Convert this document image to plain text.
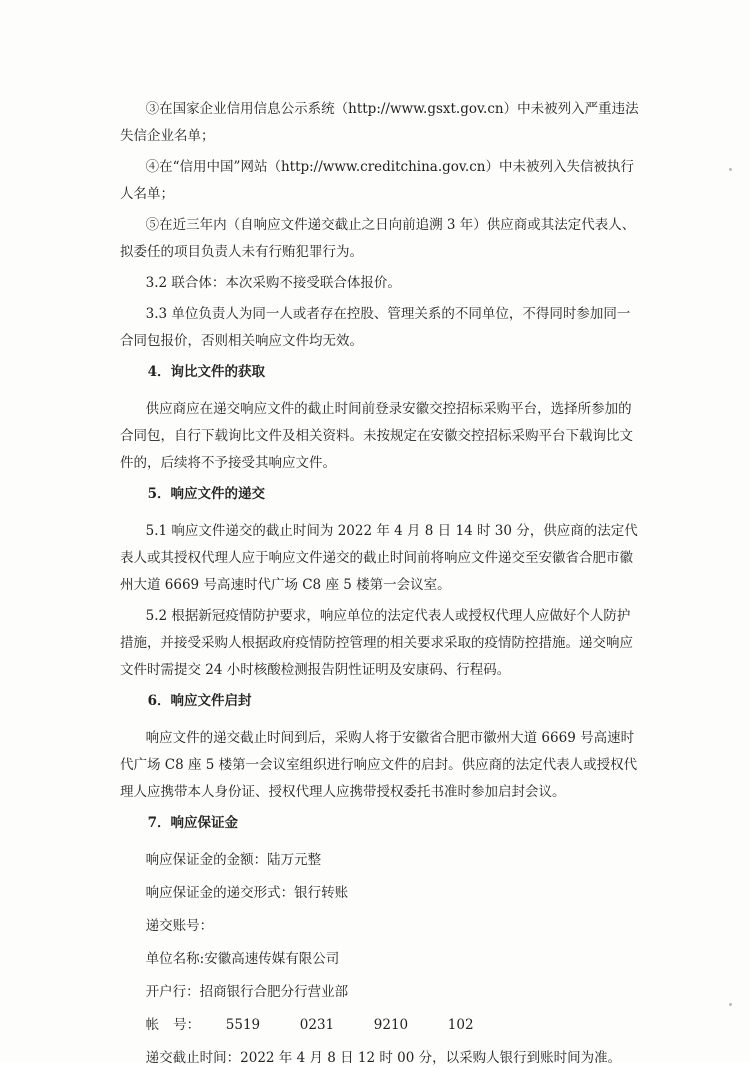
③在国家企业信用信息公示系统（http://www.gsxt.gov.cn）中未被列入严重违法失信企业名单；

④在“信用中国”网站（http://www.creditchina.gov.cn）中未被列入失信被执行人名单；

⑤在近三年内（自响应文件递交截止之日向前追溯 3 年）供应商或其法定代表人、拟委任的项目负责人未有行贿犯罪行为。

3.2 联合体：本次采购不接受联合体报价。

3.3 单位负责人为同一人或者存在控股、管理关系的不同单位，不得同时参加同一合同包报价，否则相关响应文件均无效。

4．询比文件的获取

供应商应在递交响应文件的截止时间前登录安徽交控招标采购平台，选择所参加的合同包，自行下载询比文件及相关资料。未按规定在安徽交控招标采购平台下载询比文件的，后续将不予接受其响应文件。

5．响应文件的递交

5.1 响应文件递交的截止时间为 2022 年 4 月 8 日 14 时 30 分，供应商的法定代表人或其授权代理人应于响应文件递交的截止时间前将响应文件递交至安徽省合肥市徽州大道 6669 号高速时代广场 C8 座 5 楼第一会议室。

5.2 根据新冠疫情防护要求，响应单位的法定代表人或授权代理人应做好个人防护措施，并接受采购人根据政府疫情防控管理的相关要求采取的疫情防控措施。递交响应文件时需提交 24 小时核酸检测报告阴性证明及安康码、行程码。

6．响应文件启封

响应文件的递交截止时间到后，采购人将于安徽省合肥市徽州大道 6669 号高速时代广场 C8 座 5 楼第一会议室组织进行响应文件的启封。供应商的法定代表人或授权代理人应携带本人身份证、授权代理人应携带授权委托书准时参加启封会议。

7．响应保证金

响应保证金的金额：陆万元整

响应保证金的递交形式：银行转账

递交账号：

单位名称:安徽高速传媒有限公司

开户行：招商银行合肥分行营业部

帐 号： 5519	0231	9210	102

递交截止时间：2022 年 4 月 8 日 12 时 00 分，以采购人银行到账时间为准。
